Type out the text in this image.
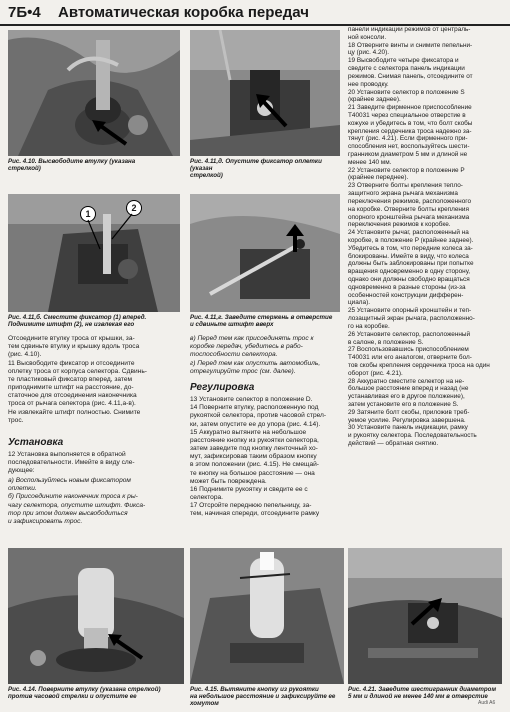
7Б•4 Автоматическая коробка передач
Рис. 4.10. Высвободите втулку (указана
стрелкой)
Рис. 4.11,д. Опустите фиксатор оплетки (указан
стрелкой)
1
2
Рис. 4.11,б. Сместите фиксатор (1) вперед.
Поднимите штифт (2), не извлекая его
Рис. 4.11,г. Заведите стержень в отверстие
и сдвиньте штифт вверх
Отсоедините втулку троса от крышки, за-
тем сдвиньте втулку и крышку вдоль троса
(рис. 4.10).
11 Высвободите фиксатор и отсоедините
оплетку троса от корпуса селектора. Сдвинь-
те пластиковый фиксатор вперед, затем
приподнимите штифт на расстояние, до-
статочное для отсоединения наконечника
троса от рычага селектора (рис. 4.11,а-в).
Не извлекайте штифт полностью. Снимите
трос.
Установка
12 Установка выполняется в обратной
последовательности. Имейте в виду сле-
дующее:
а) Воспользуйтесь новым фиксатором
оплетки.
б) Присоедините наконечник троса к ры-
чагу селектора, опустите штифт. Фикса-
тор при этом должен высвободиться
и зафиксировать трос.
в) Перед тем как присоединять трос к
коробке передач, убедитесь в рабо-
тоспособности селектора.
г) Перед тем как опустить автомобиль,
отрегулируйте трос (см. далее).
Регулировка
13 Установите селектор в положение D.
14 Поверните втулку, расположенную под
рукояткой селектора, против часовой стрел-
ки, затем опустите ее до упора (рис. 4.14).
15 Аккуратно вытяните на небольшое
расстояние кнопку из рукоятки селектора,
затем заведите под кнопку ленточный хо-
мут, зафиксировав таким образом кнопку
в этом положении (рис. 4.15). Не смещай-
те кнопку на большое расстояние — она
может быть повреждена.
16 Поднимите рукоятку и сведите ее с
селектора.
17 Отсройте переднюю пепельницу, за-
тем, начиная спереди, отсоедините рамку
панели индикации режимов от централь-
ной консоли.
18 Отверните винты и снимите пепельни-
цу (рис. 4.20).
19 Высвободите четыре фиксатора и
сведите с селектора панель индикации
режимов. Снимая панель, отсоедините от
нее проводку.
20 Установите селектор в положение S
(крайнее заднее).
21 Заведите фирменное приспособление
T40031 через специальное отверстие в
кожухе и убедитесь в том, что болт скобы
крепления сердечника троса надежно за-
тянут (рис. 4.21). Если фирменного при-
способления нет, воспользуйтесь шести-
гранником диаметром 5 мм и длиной не
менее 140 мм.
22 Установите селектор в положение P
(крайнее переднее).
23 Отверните болты крепления тепло-
защитного экрана рычага механизма
переключения режимов, расположенного
на коробке. Отверните болты крепления
опорного кронштейна рычага механизма
переключения режимов к коробке.
24 Установите рычаг, расположенный на
коробке, в положение P (крайнее заднее).
Убедитесь в том, что передние колеса за-
блокированы. Имейте в виду, что колеса
должны быть заблокированы при попытке
вращения одновременно в одну сторону,
однако они должны свободно вращаться
одновременно в разные стороны (из-за
особенностей конструкции дифферен-
циала).
25 Установите опорный кронштейн и теп-
лозащитный экран рычага, расположенно-
го на коробке.
26 Установите селектор, расположенный
в салоне, в положение S.
27 Воспользовавшись приспособлением
T40031 или его аналогом, отверните бол-
тов скобы крепления сердечника троса на один
оборот (рис. 4.21).
28 Аккуратно сместите селектор на не-
большое расстояние вперед и назад (не
устанавливая его в другое положение),
затем установите его в положение S.
29 Затяните болт скобы, приложив треб-
уемое усилие. Регулировка завершена.
30 Установите панель индикации, рамку
и рукоятку селектора. Последовательность
действий — обратная снятию.
Рис. 4.14. Поверните втулку (указана стрелкой)
против часовой стрелки и опустите ее
Рис. 4.15. Вытяните кнопку из рукоятки
на небольшое расстояние и зафиксируйте ее
хомутом
Рис. 4.21. Заведите шестигранник диаметром
5 мм и длиной не менее 140 мм в отверстие
Audi A6
